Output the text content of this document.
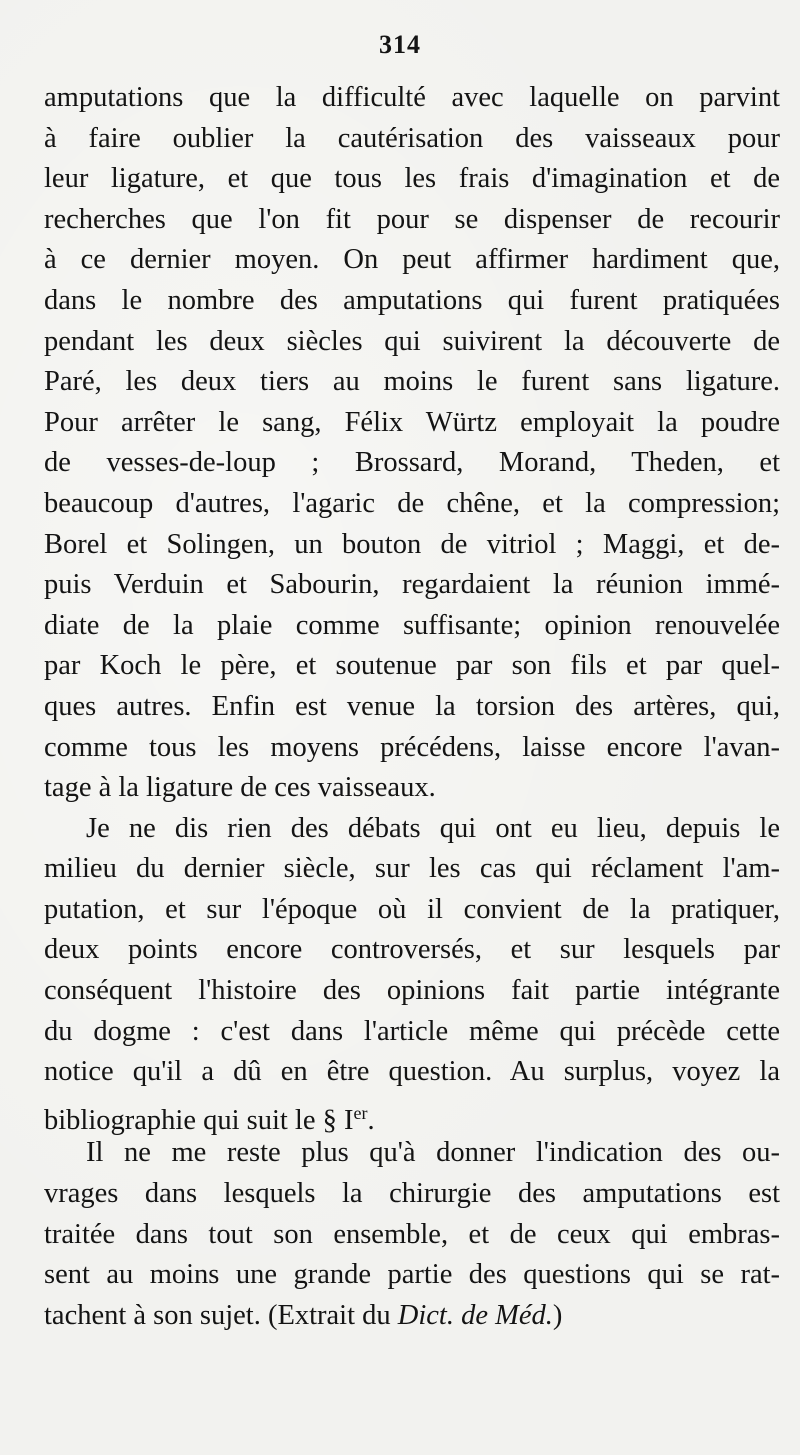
314
amputations que la difficulté avec laquelle on parvint
à faire oublier la cautérisation des vaisseaux pour
leur ligature, et que tous les frais d'imagination et de
recherches que l'on fit pour se dispenser de recourir
à ce dernier moyen. On peut affirmer hardiment que,
dans le nombre des amputations qui furent pratiquées
pendant les deux siècles qui suivirent la découverte de
Paré, les deux tiers au moins le furent sans ligature.
Pour arrêter le sang, Félix Würtz employait la poudre
de vesses-de-loup ; Brossard, Morand, Theden, et
beaucoup d'autres, l'agaric de chêne, et la compression;
Borel et Solingen, un bouton de vitriol ; Maggi, et de-
puis Verduin et Sabourin, regardaient la réunion immé-
diate de la plaie comme suffisante; opinion renouvelée
par Koch le père, et soutenue par son fils et par quel-
ques autres. Enfin est venue la torsion des artères, qui,
comme tous les moyens précédens, laisse encore l'avan-
tage à la ligature de ces vaisseaux.
Je ne dis rien des débats qui ont eu lieu, depuis le
milieu du dernier siècle, sur les cas qui réclament l'am-
putation, et sur l'époque où il convient de la pratiquer,
deux points encore controversés, et sur lesquels par
conséquent l'histoire des opinions fait partie intégrante
du dogme : c'est dans l'article même qui précède cette
notice qu'il a dû en être question. Au surplus, voyez la
bibliographie qui suit le § Ier.
Il ne me reste plus qu'à donner l'indication des ou-
vrages dans lesquels la chirurgie des amputations est
traitée dans tout son ensemble, et de ceux qui embras-
sent au moins une grande partie des questions qui se rat-
tachent à son sujet. (Extrait du Dict. de Méd.)
